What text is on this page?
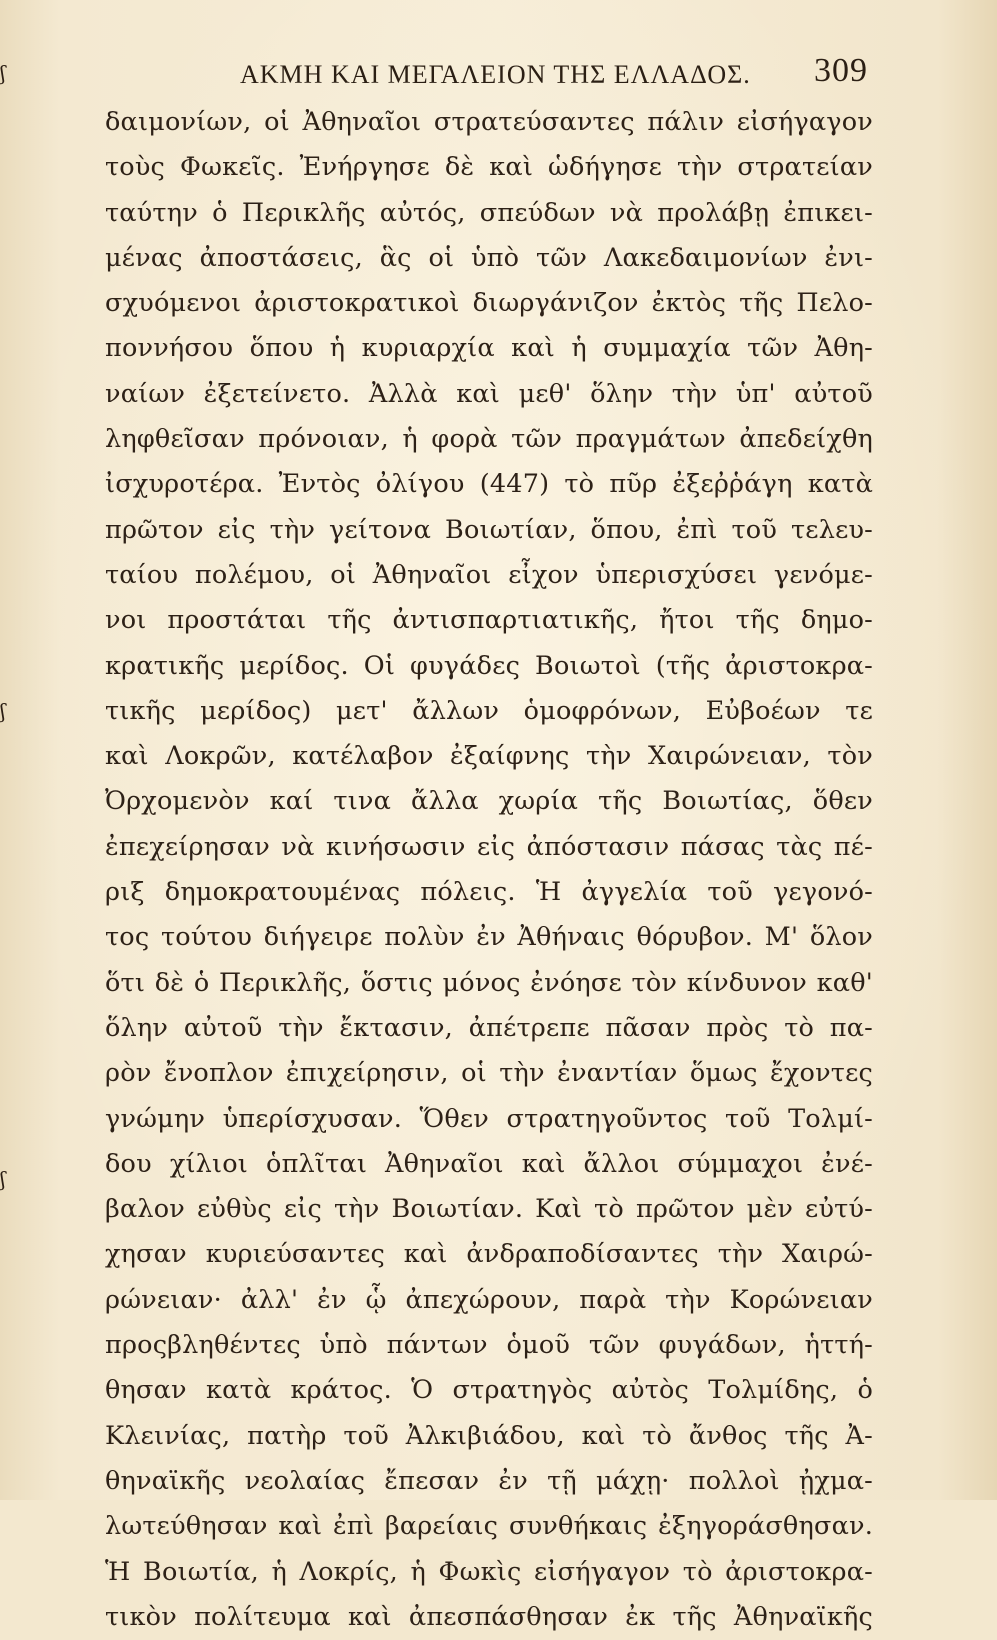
ʃ
ʃ
ʃ
ΑΚΜΗ ΚΑΙ ΜΕΓΑΛΕΙΟΝ ΤΗΣ ΕΛΛΑΔΟΣ. 309
δαιμονίων, οἱ Ἀθηναῖοι στρατεύσαντες πάλιν εἰσήγαγον
τοὺς Φωκεῖς. Ἐνήργησε δὲ καὶ ὡδήγησε τὴν στρατείαν
ταύτην ὁ Περικλῆς αὐτός, σπεύδων νὰ προλάβῃ ἐπικει-
μένας ἀποστάσεις, ἃς οἱ ὑπὸ τῶν Λακεδαιμονίων ἐνι-
σχυόμενοι ἀριστοκρατικοὶ διωργάνιζον ἐκτὸς τῆς Πελο-
ποννήσου ὅπου ἡ κυριαρχία καὶ ἡ συμμαχία τῶν Ἀθη-
ναίων ἐξετείνετο. Ἀλλὰ καὶ μεθ' ὅλην τὴν ὑπ' αὐτοῦ
ληφθεῖσαν πρόνοιαν, ἡ φορὰ τῶν πραγμάτων ἀπεδείχθη
ἰσχυροτέρα. Ἐντὸς ὀλίγου (447) τὸ πῦρ ἐξεῤῥάγη κατὰ
πρῶτον εἰς τὴν γείτονα Βοιωτίαν, ὅπου, ἐπὶ τοῦ τελευ-
ταίου πολέμου, οἱ Ἀθηναῖοι εἶχον ὑπερισχύσει γενόμε-
νοι προστάται τῆς ἀντισπαρτιατικῆς, ἤτοι τῆς δημο-
κρατικῆς μερίδος. Οἱ φυγάδες Βοιωτοὶ (τῆς ἀριστοκρα-
τικῆς μερίδος) μετ' ἄλλων ὁμοφρόνων, Εὐβοέων τε
καὶ Λοκρῶν, κατέλαβον ἐξαίφνης τὴν Χαιρώνειαν, τὸν
Ὀρχομενὸν καί τινα ἄλλα χωρία τῆς Βοιωτίας, ὅθεν
ἐπεχείρησαν νὰ κινήσωσιν εἰς ἀπόστασιν πάσας τὰς πέ-
ριξ δημοκρατουμένας πόλεις. Ἡ ἀγγελία τοῦ γεγονό-
τος τούτου διήγειρε πολὺν ἐν Ἀθήναις θόρυβον. Μ' ὅλον
ὅτι δὲ ὁ Περικλῆς, ὅστις μόνος ἐνόησε τὸν κίνδυνον καθ'
ὅλην αὐτοῦ τὴν ἔκτασιν, ἀπέτρεπε πᾶσαν πρὸς τὸ πα-
ρὸν ἔνοπλον ἐπιχείρησιν, οἱ τὴν ἐναντίαν ὅμως ἔχοντες
γνώμην ὑπερίσχυσαν. Ὅθεν στρατηγοῦντος τοῦ Τολμί-
δου χίλιοι ὁπλῖται Ἀθηναῖοι καὶ ἄλλοι σύμμαχοι ἐνέ-
βαλον εὐθὺς εἰς τὴν Βοιωτίαν. Καὶ τὸ πρῶτον μὲν εὐτύ-
χησαν κυριεύσαντες καὶ ἀνδραποδίσαντες τὴν Χαιρώ-
ρώνειαν· ἀλλ' ἐν ᾧ ἀπεχώρουν, παρὰ τὴν Κορώνειαν
προςβληθέντες ὑπὸ πάντων ὁμοῦ τῶν φυγάδων, ἡττή-
θησαν κατὰ κράτος. Ὁ στρατηγὸς αὐτὸς Τολμίδης, ὁ
Κλεινίας, πατὴρ τοῦ Ἀλκιβιάδου, καὶ τὸ ἄνθος τῆς Ἀ-
θηναϊκῆς νεολαίας ἔπεσαν ἐν τῇ μάχῃ· πολλοὶ ᾐχμα-
λωτεύθησαν καὶ ἐπὶ βαρείαις συνθήκαις ἐξηγοράσθησαν.
Ἡ Βοιωτία, ἡ Λοκρίς, ἡ Φωκὶς εἰσήγαγον τὸ ἀριστοκρα-
τικὸν πολίτευμα καὶ ἀπεσπάσθησαν ἐκ τῆς Ἀθηναϊκῆς
